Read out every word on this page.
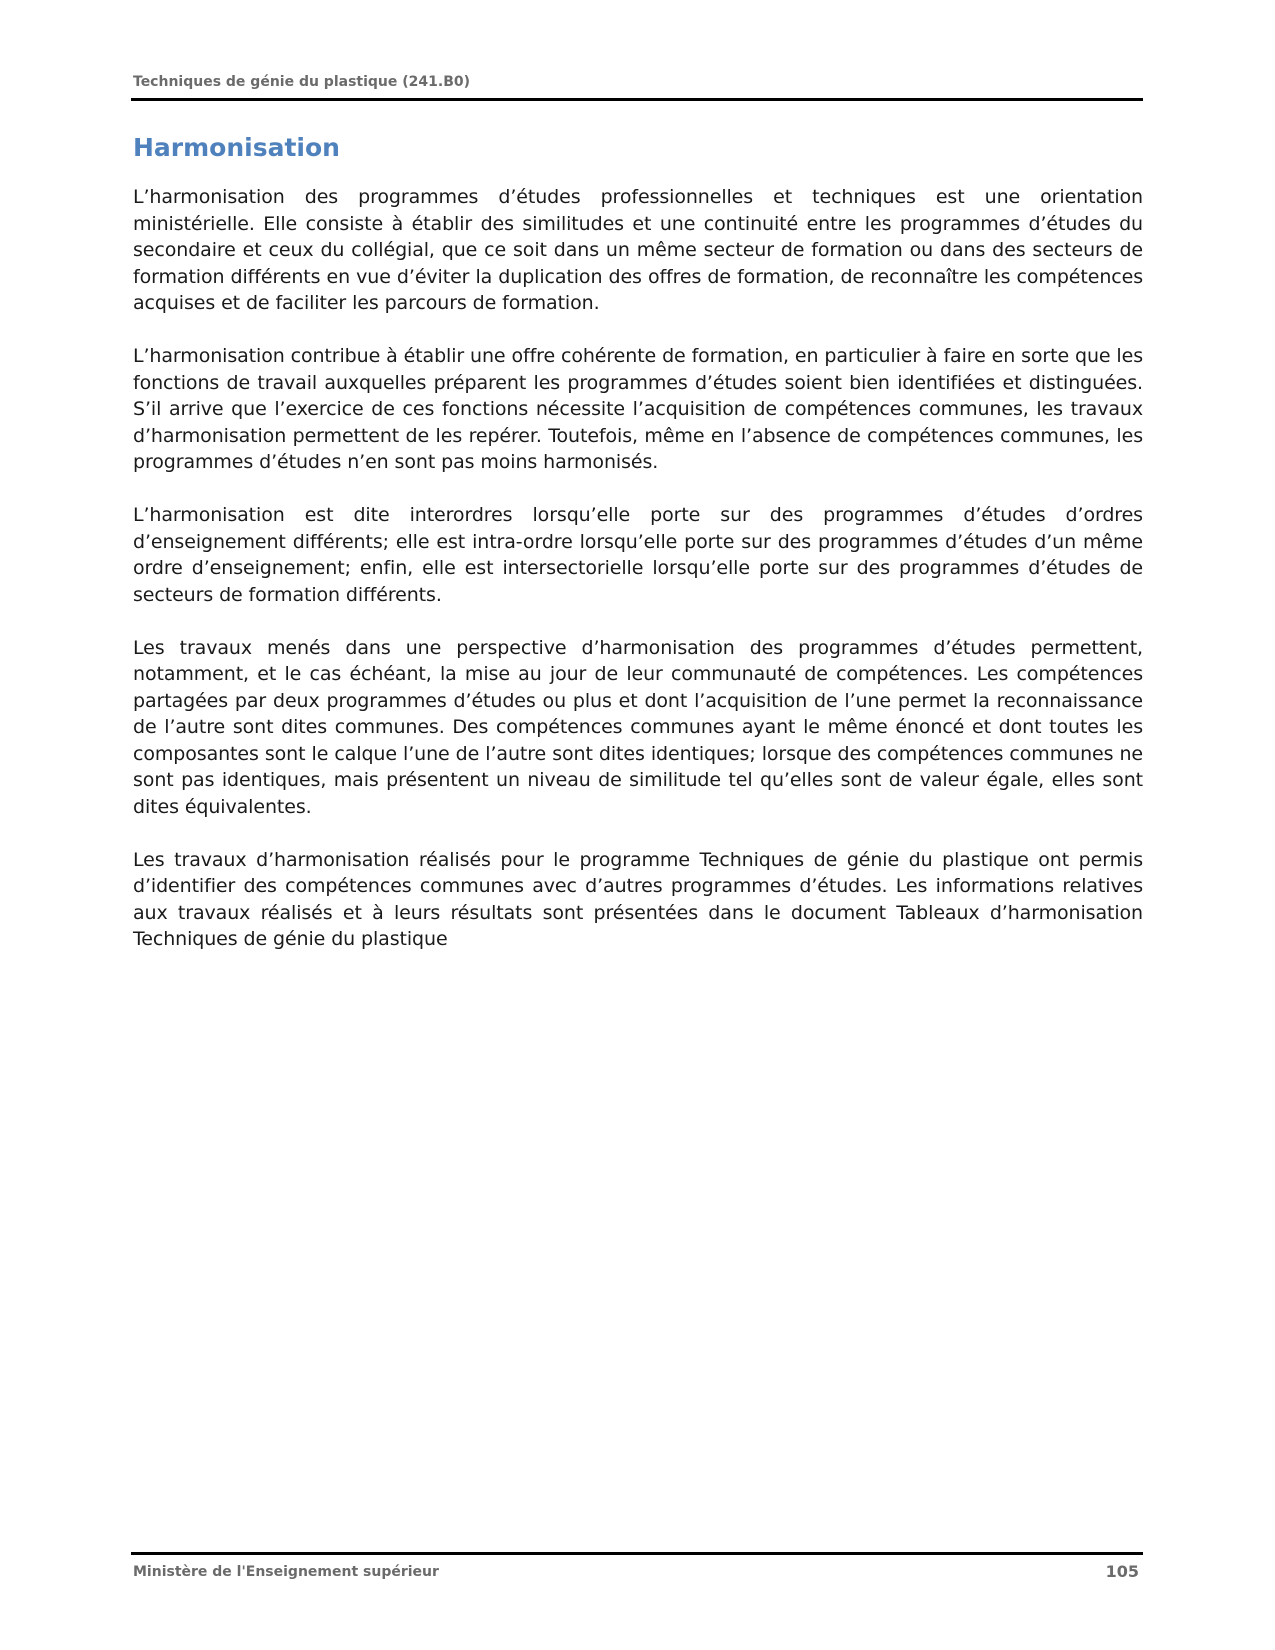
Techniques de génie du plastique (241.B0)
Harmonisation

L’harmonisation des programmes d’études professionnelles et techniques est une orientation ministérielle. Elle consiste à établir des similitudes et une continuité entre les programmes d’études du secondaire et ceux du collégial, que ce soit dans un même secteur de formation ou dans des secteurs de formation différents en vue d’éviter la duplication des offres de formation, de reconnaître les compétences acquises et de faciliter les parcours de formation.

L’harmonisation contribue à établir une offre cohérente de formation, en particulier à faire en sorte que les fonctions de travail auxquelles préparent les programmes d’études soient bien identifiées et distinguées. S’il arrive que l’exercice de ces fonctions nécessite l’acquisition de compétences communes, les travaux d’harmonisation permettent de les repérer. Toutefois, même en l’absence de compétences communes, les programmes d’études n’en sont pas moins harmonisés.

L’harmonisation est dite interordres lorsqu’elle porte sur des programmes d’études d’ordres d’enseignement différents; elle est intra-ordre lorsqu’elle porte sur des programmes d’études d’un même ordre d’enseignement; enfin, elle est intersectorielle lorsqu’elle porte sur des programmes d’études de secteurs de formation différents.

Les travaux menés dans une perspective d’harmonisation des programmes d’études permettent, notamment, et le cas échéant, la mise au jour de leur communauté de compétences. Les compétences partagées par deux programmes d’études ou plus et dont l’acquisition de l’une permet la reconnaissance de l’autre sont dites communes. Des compétences communes ayant le même énoncé et dont toutes les composantes sont le calque l’une de l’autre sont dites identiques; lorsque des compétences communes ne sont pas identiques, mais présentent un niveau de similitude tel qu’elles sont de valeur égale, elles sont dites équivalentes.

Les travaux d’harmonisation réalisés pour le programme Techniques de génie du plastique ont permis d’identifier des compétences communes avec d’autres programmes d’études. Les informations relatives aux travaux réalisés et à leurs résultats sont présentées dans le document Tableaux d’harmonisation Techniques de génie du plastique

Ministère de l'Enseignement supérieur	105
